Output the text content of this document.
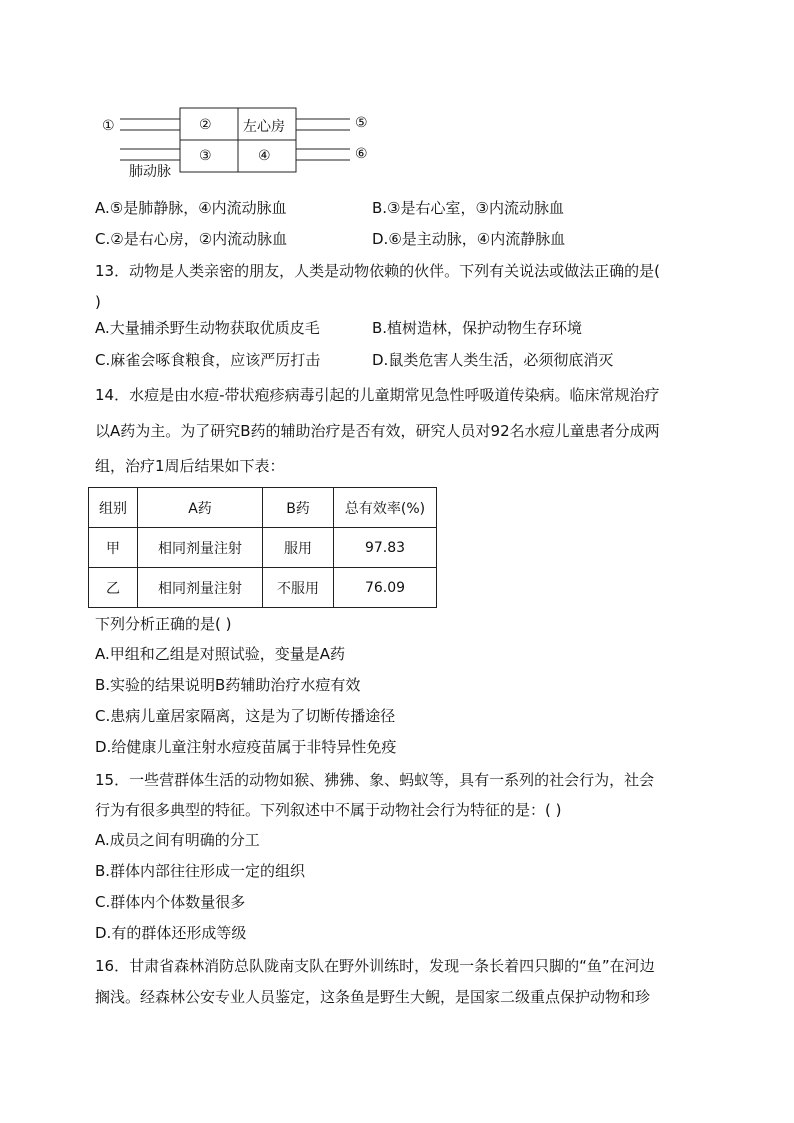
①	②
③
左心房
④
⑤
⑥
肺动脉
A.⑤是肺静脉，④内流动脉血	B.③是右心室，③内流动脉血
C.②是右心房，②内流动脉血	D.⑥是主动脉，④内流静脉血
13．动物是人类亲密的朋友，人类是动物依赖的伙伴。下列有关说法或做法正确的是(
)
A.大量捕杀野生动物获取优质皮毛	B.植树造林，保护动物生存环境
C.麻雀会啄食粮食，应该严厉打击	D.鼠类危害人类生活，必须彻底消灭
14．水痘是由水痘-带状疱疹病毒引起的儿童期常见急性呼吸道传染病。临床常规治疗
以A药为主。为了研究B药的辅助治疗是否有效，研究人员对92名水痘儿童患者分成两
组，治疗1周后结果如下表：
组别	A药	B药	总有效率(%)
甲	相同剂量注射	服用	97.83
乙	相同剂量注射	不服用	76.09
下列分析正确的是( )
A.甲组和乙组是对照试验，变量是A药
B.实验的结果说明B药辅助治疗水痘有效
C.患病儿童居家隔离，这是为了切断传播途径
D.给健康儿童注射水痘疫苗属于非特异性免疫
15．一些营群体生活的动物如猴、狒狒、象、蚂蚁等，具有一系列的社会行为，社会
行为有很多典型的特征。下列叙述中不属于动物社会行为特征的是：( )
A.成员之间有明确的分工
B.群体内部往往形成一定的组织
C.群体内个体数量很多
D.有的群体还形成等级
16．甘肃省森林消防总队陇南支队在野外训练时，发现一条长着四只脚的“鱼”在河边
搁浅。经森林公安专业人员鉴定，这条鱼是野生大鲵，是国家二级重点保护动物和珍
